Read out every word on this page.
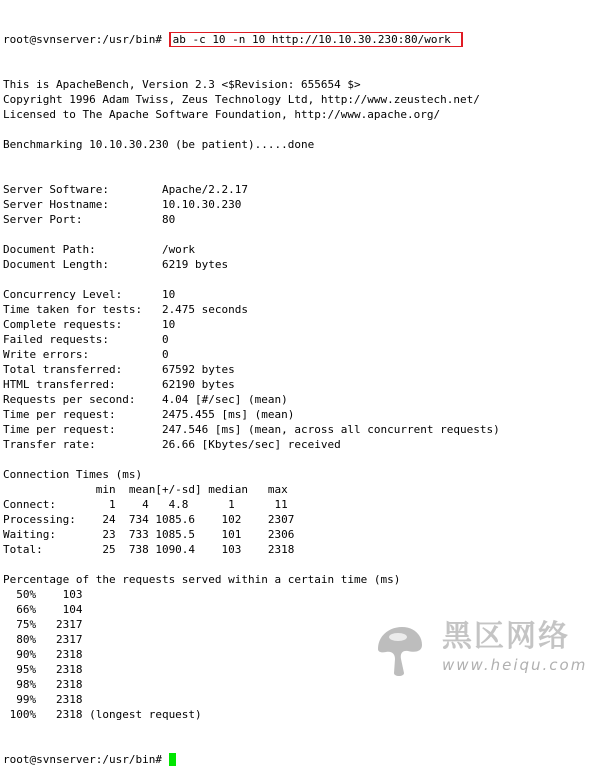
root@svnserver:/usr/bin# ab -c 10 -n 10 http://10.10.30.230:80/work

This is ApacheBench, Version 2.3 <$Revision: 655654 $>
Copyright 1996 Adam Twiss, Zeus Technology Ltd, http://www.zeustech.net/
Licensed to The Apache Software Foundation, http://www.apache.org/
Benchmarking 10.10.30.230 (be patient).....done
Server Software:        Apache/2.2.17
Server Hostname:        10.10.30.230
Server Port:            80
Document Path:          /work
Document Length:        6219 bytes
Concurrency Level:      10
Time taken for tests:   2.475 seconds
Complete requests:      10
Failed requests:        0
Write errors:           0
Total transferred:      67592 bytes
HTML transferred:       62190 bytes
Requests per second:    4.04 [#/sec] (mean)
Time per request:       2475.455 [ms] (mean)
Time per request:       247.546 [ms] (mean, across all concurrent requests)
Transfer rate:          26.66 [Kbytes/sec] received
Connection Times (ms)
min  mean[+/-sd] median   max
Connect:        1    4   4.8      1      11
Processing:    24  734 1085.6    102    2307
Waiting:       23  733 1085.5    101    2306
Total:         25  738 1090.4    103    2318
Percentage of the requests served within a certain time (ms)
50%    103
66%    104
75%   2317
80%   2317
90%   2318
95%   2318
98%   2318
99%   2318
100%   2318 (longest request)

root@svnserver:/usr/bin#

黑区网络
www.heiqu.com
